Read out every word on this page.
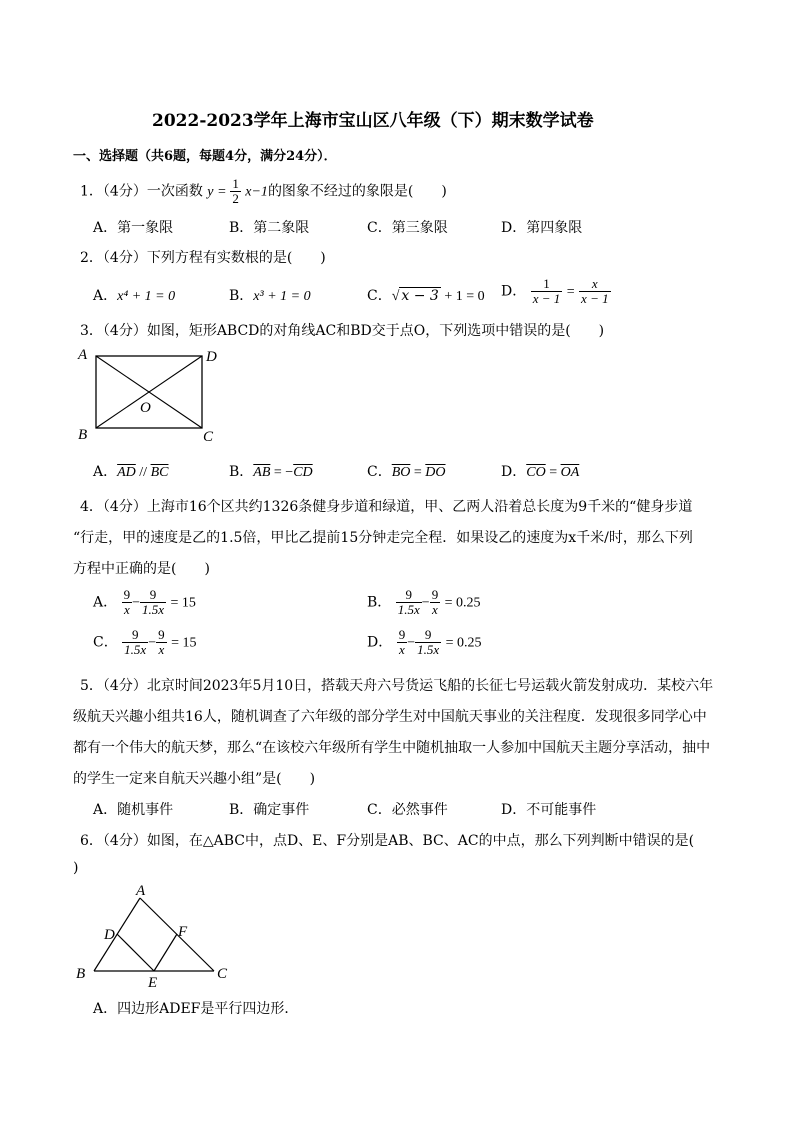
2022-2023学年上海市宝山区八年级（下）期末数学试卷
一、选择题（共6题，每题4分，满分24分）．
1．（4分）一次函数 $y = \frac{1}{2} x-1$的图象不经过的象限是(　　)
A．第一象限	B．第二象限	C．第三象限	D．第四象限
2．（4分）下列方程有实数根的是(　　)
A．x⁴ + 1 = 0	B．x³ + 1 = 0	C．√ x − 3 + 1 = 0 D． $\frac{1}{x - 1} = \frac{x}{x - 1}$
3．（4分）如图，矩形ABCD的对角线AC和BD交于点O，下列选项中错误的是(　　)
A	D
B	C
O
A．$\overline{AD} // \overline{BC}$	B．$\overline{AB} = -\overline{CD}$	C．$\overline{BO} = \overline{DO}$	D．$\overline{CO} = \overline{OA}$
4．（4分）上海市16个区共约1326条健身步道和绿道，甲、乙两人沿着总长度为9千米的“健身步道
“行走，甲的速度是乙的1.5倍，甲比乙提前15分钟走完全程．如果设乙的速度为x千米/时，那么下列
方程中正确的是(　　)
A． $\frac{9}{x} - \frac{9}{1.5x} = 15$	B． $\frac{9}{1.5x} - \frac{9}{x} = 0.25$
C． $\frac{9}{1.5x} - \frac{9}{x} = 15$	D． $\frac{9}{x} - \frac{9}{1.5x} = 0.25$
5．（4分）北京时间2023年5月10日，搭载天舟六号货运飞船的长征七号运载火箭发射成功．某校六年
级航天兴趣小组共16人，随机调查了六年级的部分学生对中国航天事业的关注程度．发现很多同学心中
都有一个伟大的航天梦，那么“在该校六年级所有学生中随机抽取一人参加中国航天主题分享活动，抽中
的学生一定来自航天兴趣小组”是(　　)
A．随机事件	B．确定事件	C．必然事件	D．不可能事件
6．（4分）如图，在△ABC中，点D、E、F分别是AB、BC、AC的中点，那么下列判断中错误的是(
)
A
D	F
B
E
C
A．四边形ADEF是平行四边形．
